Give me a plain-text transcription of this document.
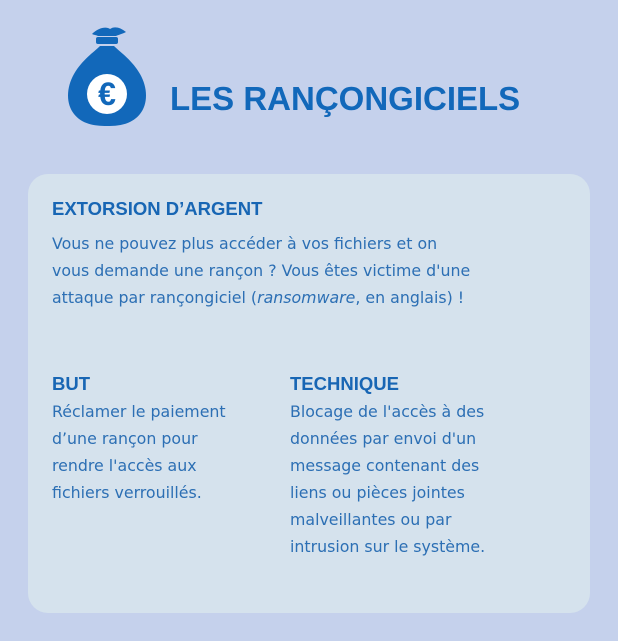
€ LES RANÇONGICIELS
EXTORSION D’ARGENT
Vous ne pouvez plus accéder à vos fichiers et on
vous demande une rançon ? Vous êtes victime d'une
attaque par rançongiciel (ransomware, en anglais) !
BUT
Réclamer le paiement
d’une rançon pour
rendre l'accès aux
fichiers verrouillés.
TECHNIQUE
Blocage de l'accès à des
données par envoi d'un
message contenant des
liens ou pièces jointes
malveillantes ou par
intrusion sur le système.
